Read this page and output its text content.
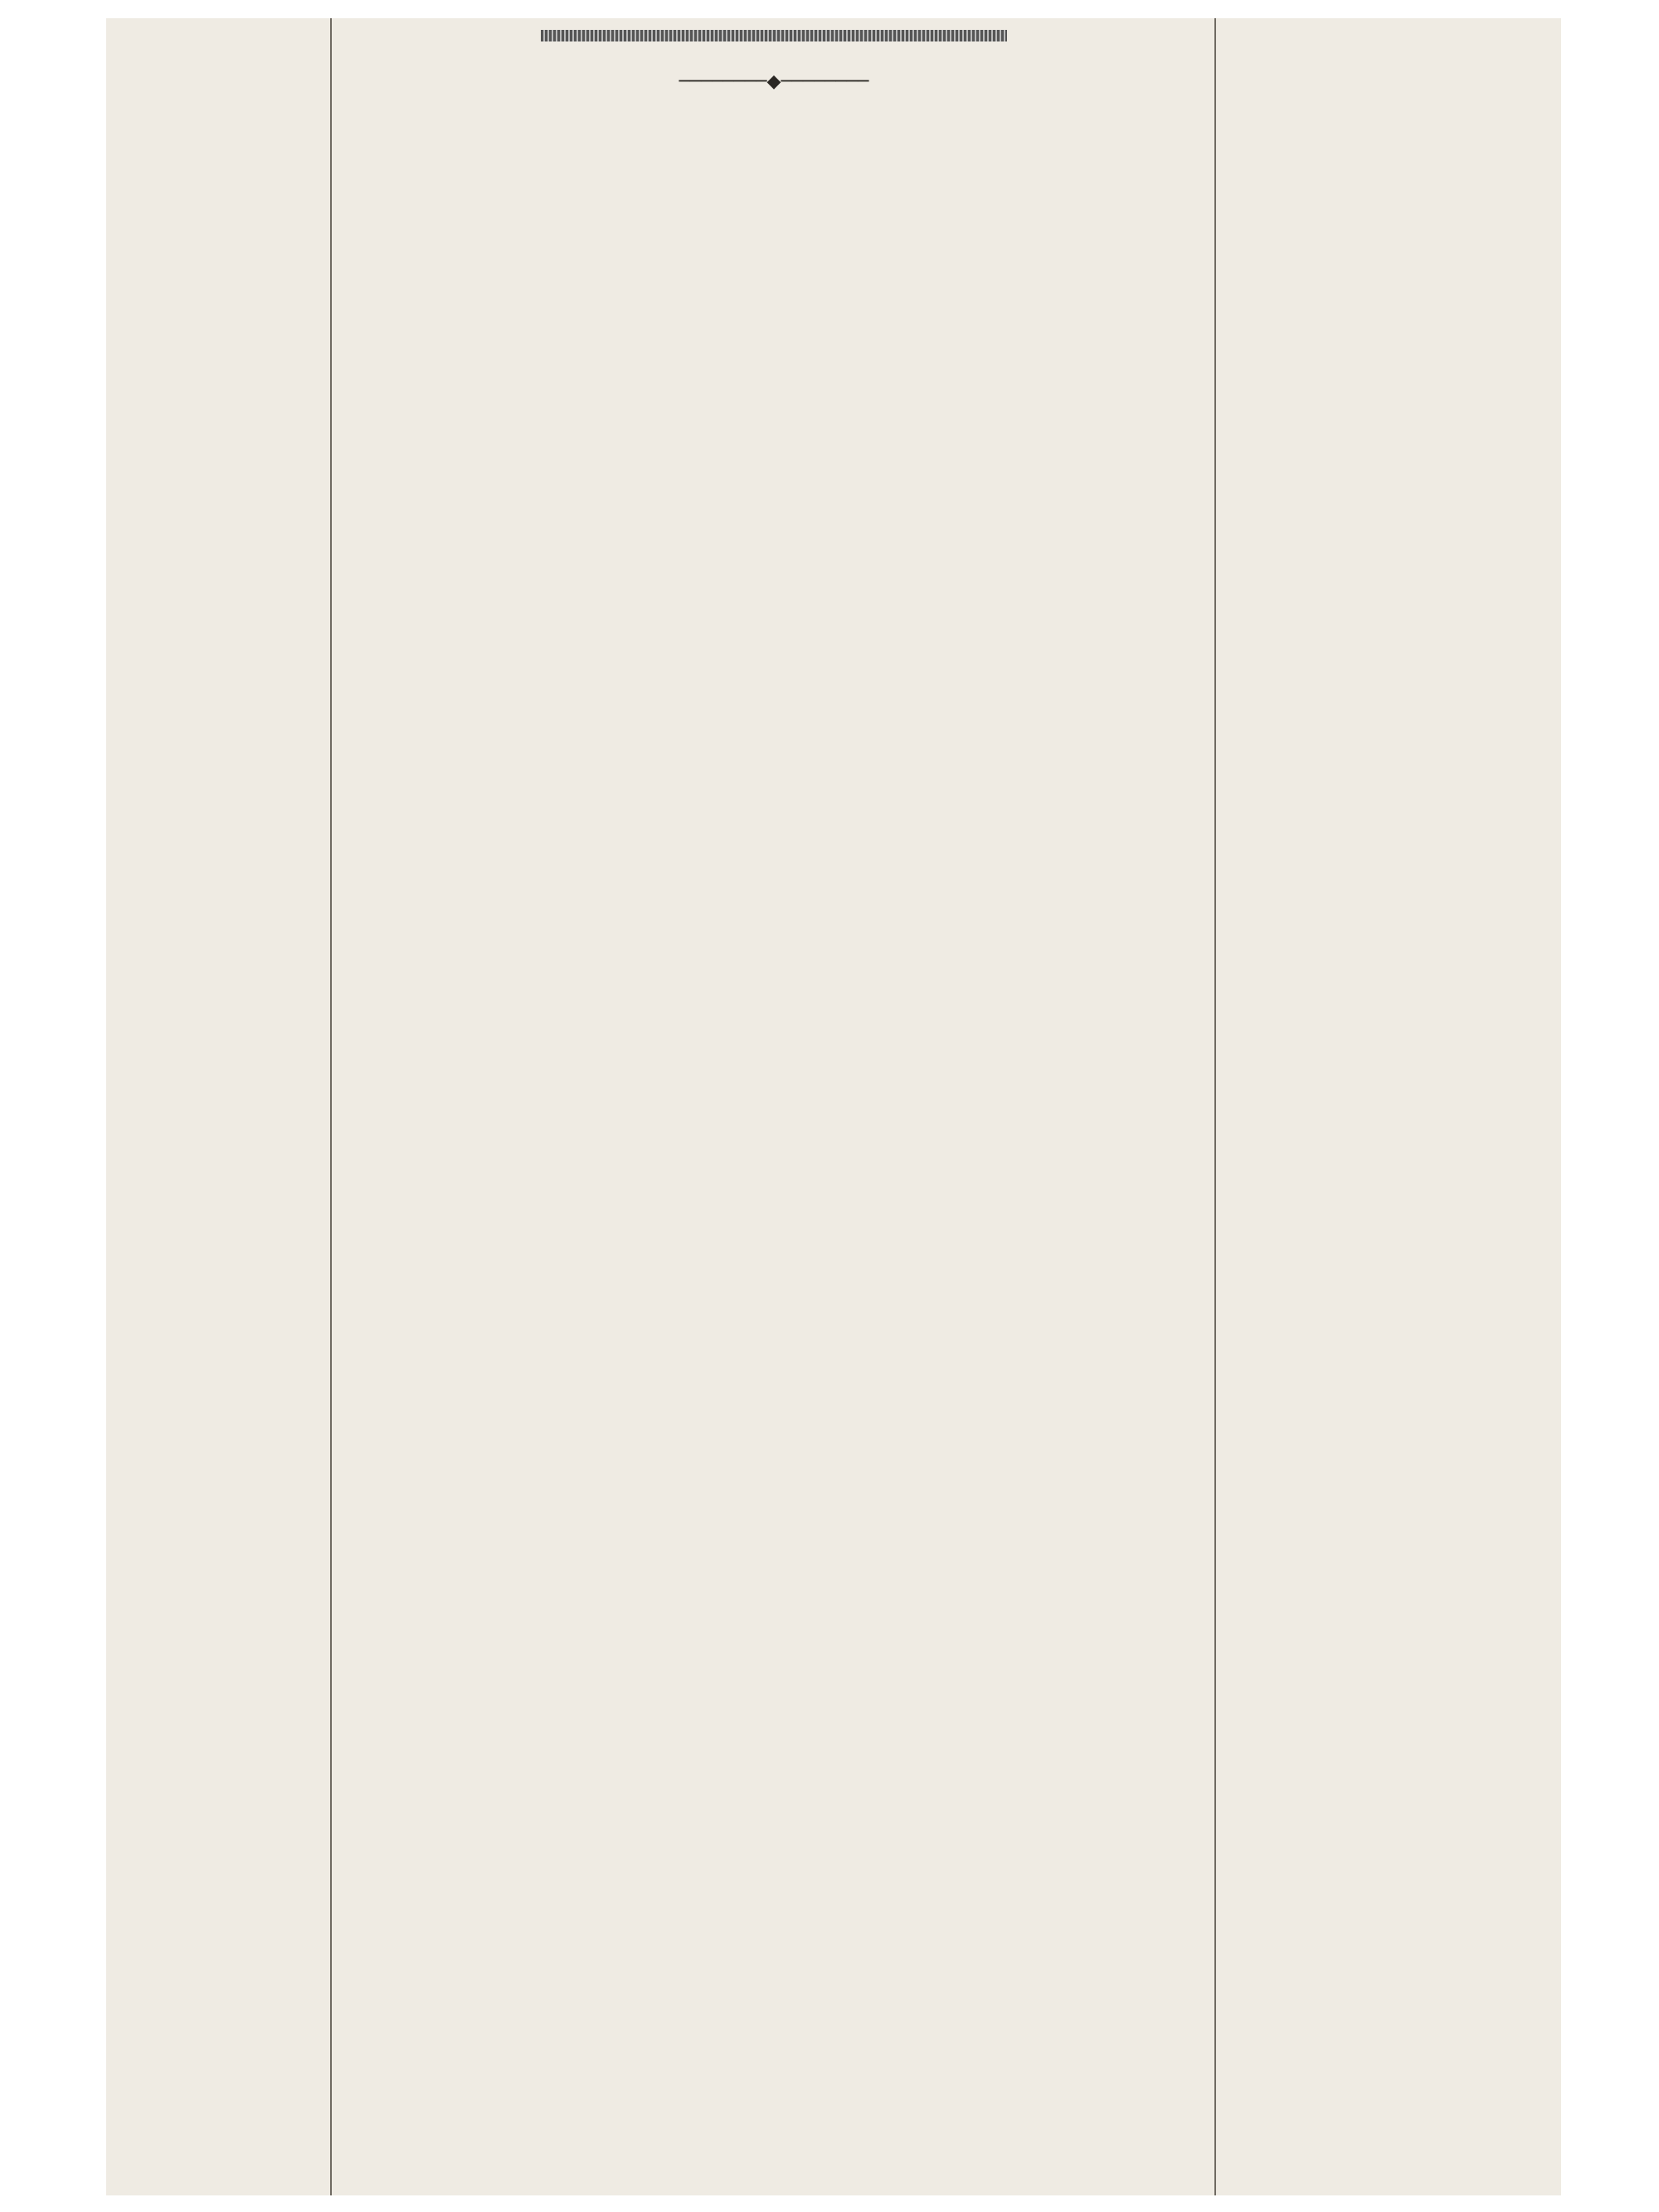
────────◆────────
